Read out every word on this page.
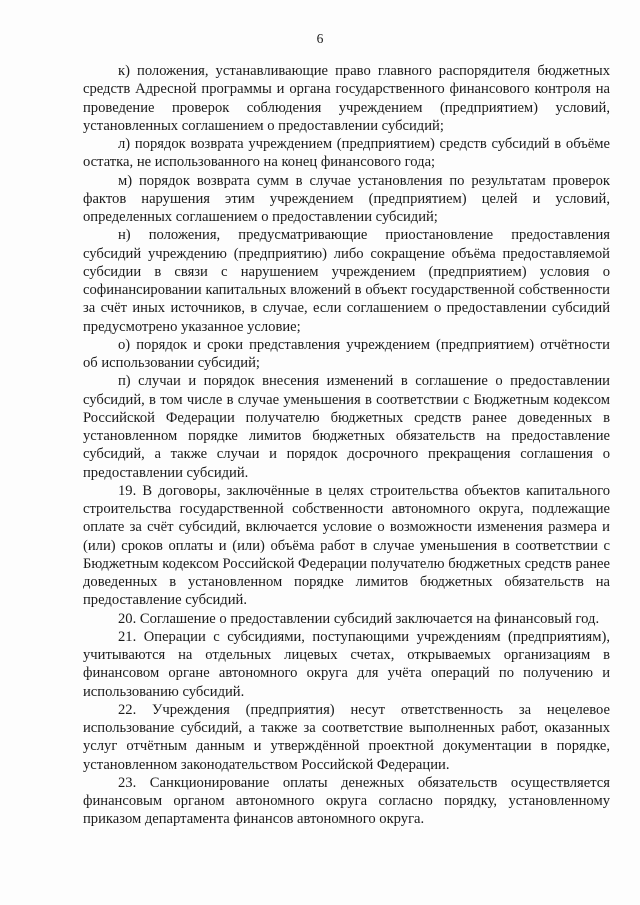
6

к) положения, устанавливающие право главного распорядителя бюджетных средств Адресной программы и органа государственного финансового контроля на проведение проверок соблюдения учреждением (предприятием) условий, установленных соглашением о предоставлении субсидий;

л) порядок возврата учреждением (предприятием) средств субсидий в объёме остатка, не использованного на конец финансового года;

м) порядок возврата сумм в случае установления по результатам проверок фактов нарушения этим учреждением (предприятием) целей и условий, определенных соглашением о предоставлении субсидий;

н) положения, предусматривающие приостановление предоставления субсидий учреждению (предприятию) либо сокращение объёма предоставляемой субсидии в связи с нарушением учреждением (предприятием) условия о софинансировании капитальных вложений в объект государственной собственности за счёт иных источников, в случае, если соглашением о предоставлении субсидий предусмотрено указанное условие;

о) порядок и сроки представления учреждением (предприятием) отчётности об использовании субсидий;

п) случаи и порядок внесения изменений в соглашение о предоставлении субсидий, в том числе в случае уменьшения в соответствии с Бюджетным кодексом Российской Федерации получателю бюджетных средств ранее доведенных в установленном порядке лимитов бюджетных обязательств на предоставление субсидий, а также случаи и порядок досрочного прекращения соглашения о предоставлении субсидий.

19. В договоры, заключённые в целях строительства объектов капитального строительства государственной собственности автономного округа, подлежащие оплате за счёт субсидий, включается условие о возможности изменения размера и (или) сроков оплаты и (или) объёма работ в случае уменьшения в соответствии с Бюджетным кодексом Российской Федерации получателю бюджетных средств ранее доведенных в установленном порядке лимитов бюджетных обязательств на предоставление субсидий.

20. Соглашение о предоставлении субсидий заключается на финансовый год.

21. Операции с субсидиями, поступающими учреждениям (предприятиям), учитываются на отдельных лицевых счетах, открываемых организациям в финансовом органе автономного округа для учёта операций по получению и использованию субсидий.

22. Учреждения (предприятия) несут ответственность за нецелевое использование субсидий, а также за соответствие выполненных работ, оказанных услуг отчётным данным и утверждённой проектной документации в порядке, установленном законодательством Российской Федерации.

23. Санкционирование оплаты денежных обязательств осуществляется финансовым органом автономного округа согласно порядку, установленному приказом департамента финансов автономного округа.
